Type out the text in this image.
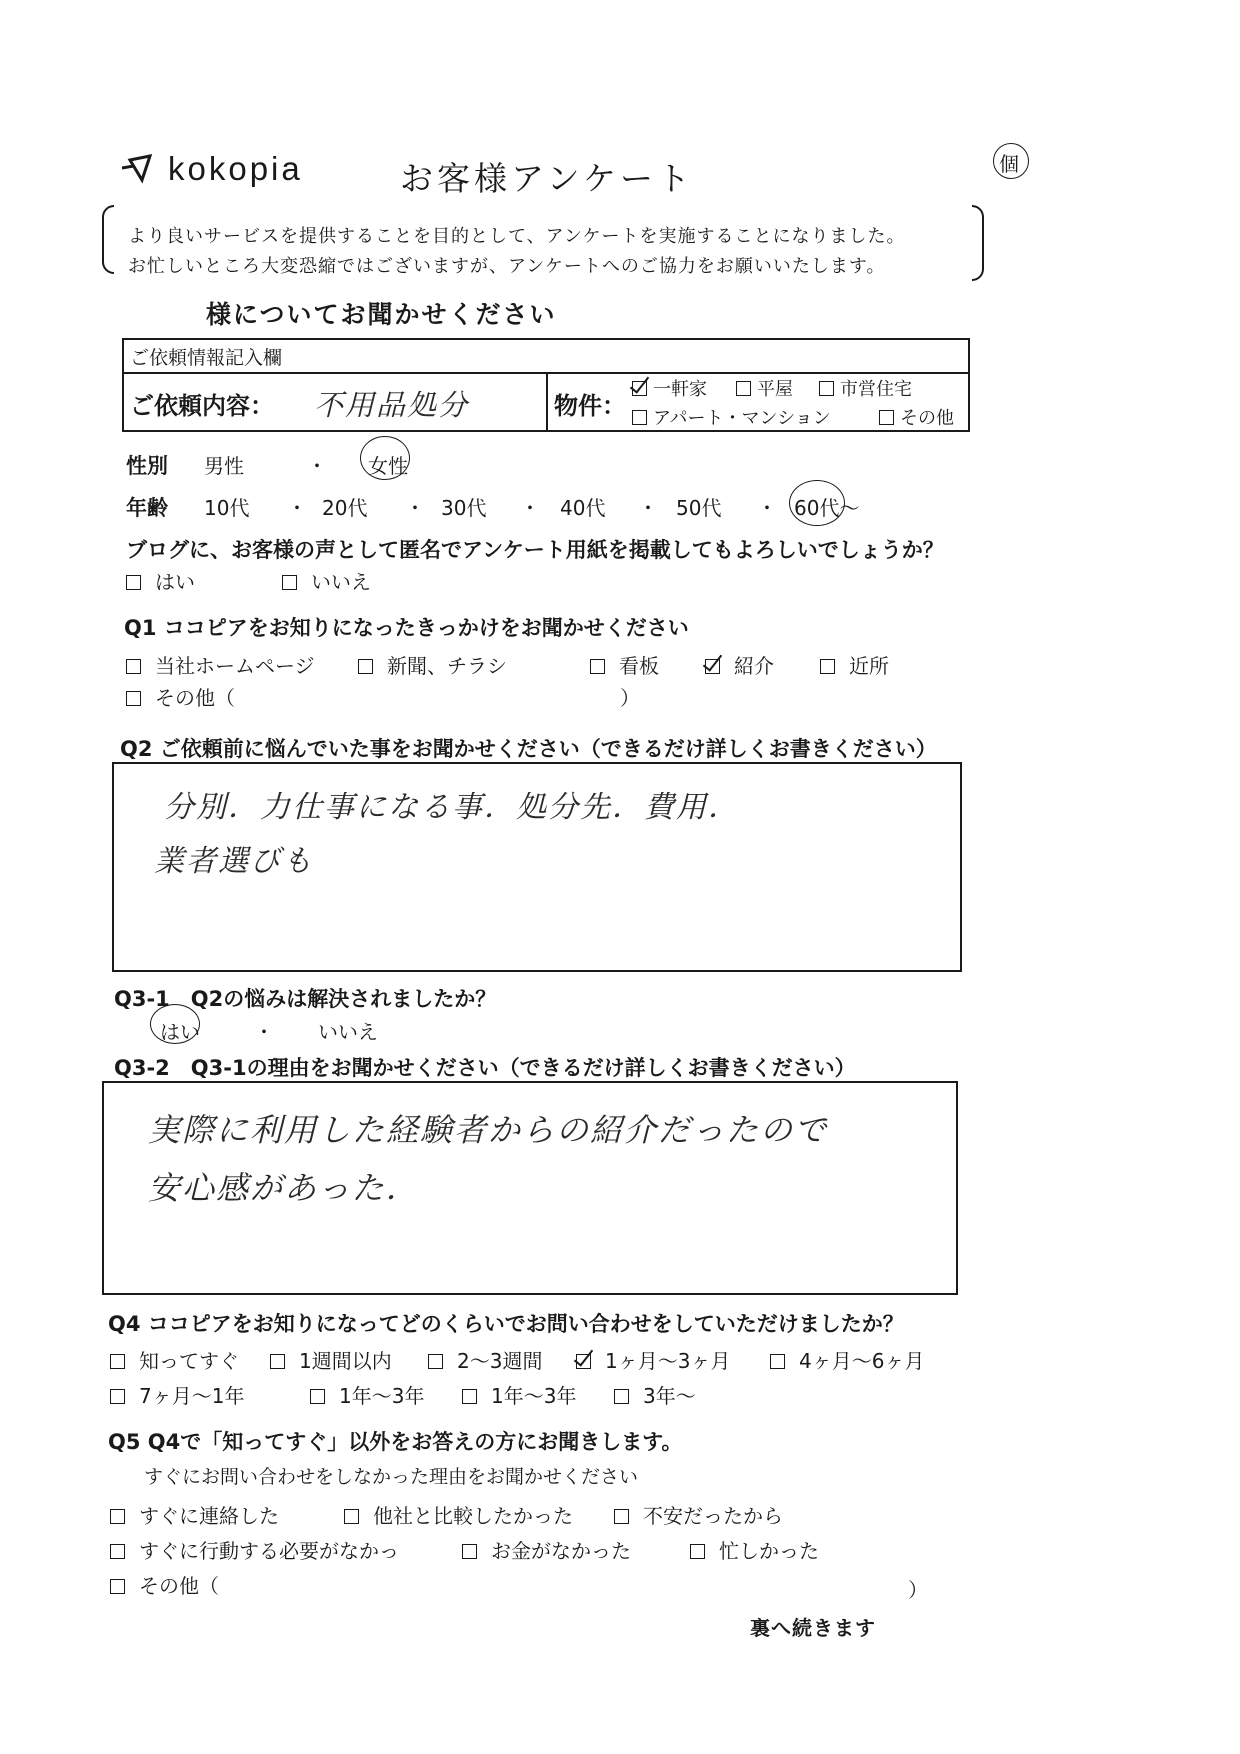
kokopia	お客様アンケート	個
より良いサービスを提供することを目的として、アンケートを実施することになりました。
お忙しいところ大変恐縮ではございますが、アンケートへのご協力をお願いいたします。
様についてお聞かせください
ご依頼情報記入欄
ご依頼内容： 不用品処分	物件：
一軒家	平屋	市営住宅
アパート・マンション	その他
性別 男性	・ 女性
年齢 10代 ・ 20代 ・ 30代 ・ 40代 ・ 50代 ・ 60代～
ブログに、お客様の声として匿名でアンケート用紙を掲載してもよろしいでしょうか？
はい	いいえ
Q1 ココピアをお知りになったきっかけをお聞かせください
当社ホームページ	新聞、チラシ	看板	紹介	近所
その他（	）
Q2 ご依頼前に悩んでいた事をお聞かせください（できるだけ詳しくお書きください）
分別．力仕事になる事．処分先．費用．
業者選びも
Q3-1　Q2の悩みは解決されましたか？
はい	・ いいえ
Q3-2　Q3-1の理由をお聞かせください（できるだけ詳しくお書きください）
実際に利用した経験者からの紹介だったので
安心感があった．
Q4 ココピアをお知りになってどのくらいでお問い合わせをしていただけましたか？
知ってすぐ	1週間以内	2～3週間	1ヶ月～3ヶ月	4ヶ月～6ヶ月
7ヶ月～1年	1年～3年	1年～3年	3年～
Q5 Q4で「知ってすぐ」以外をお答えの方にお聞きします。
すぐにお問い合わせをしなかった理由をお聞かせください
すぐに連絡した	他社と比較したかった	不安だったから
すぐに行動する必要がなかっ	お金がなかった	忙しかった
その他（	）
裏へ続きます
